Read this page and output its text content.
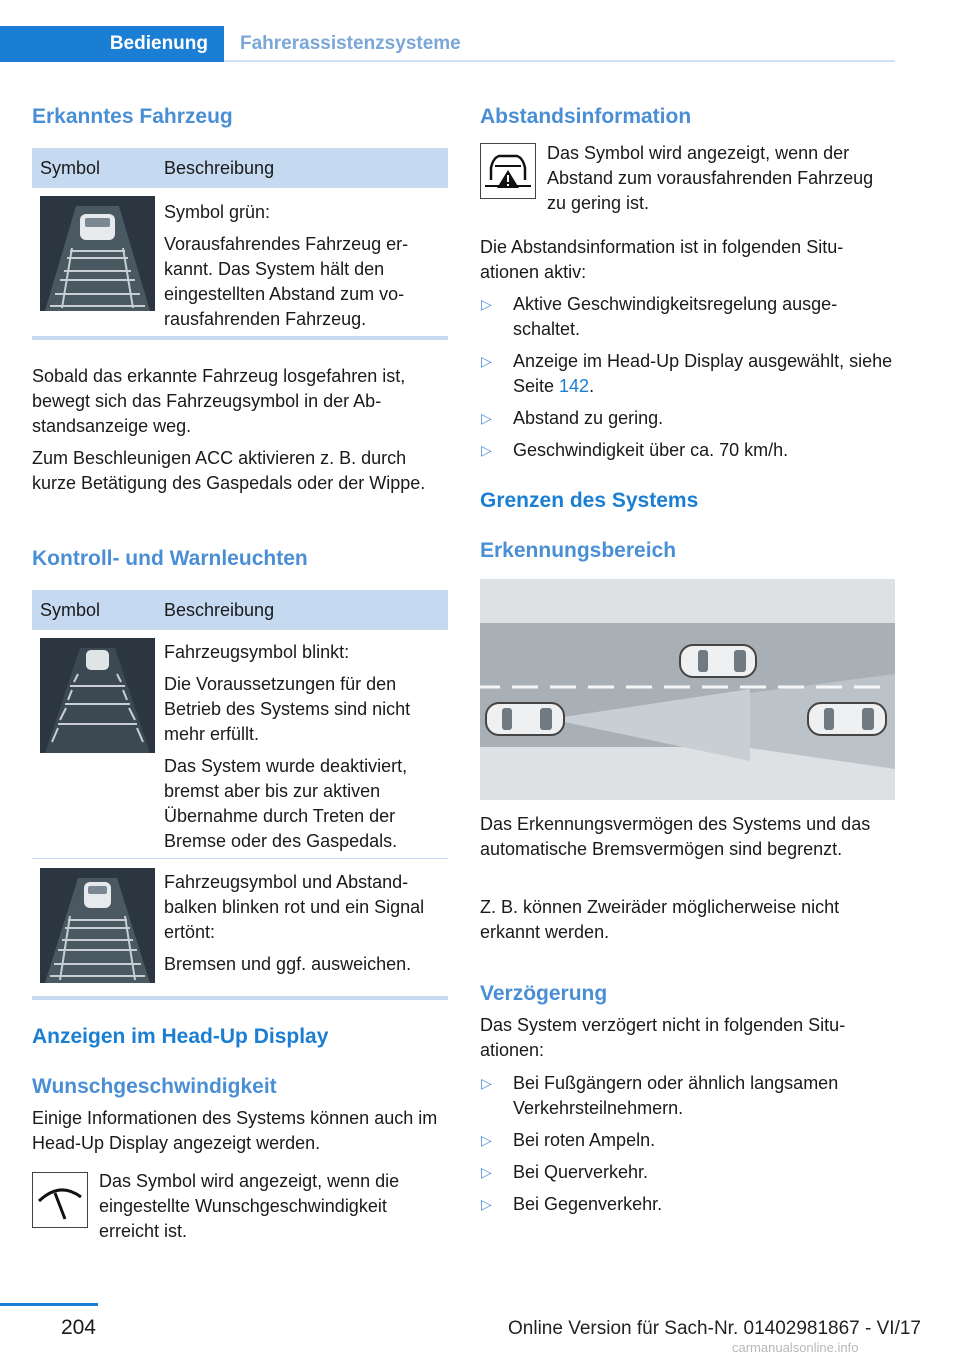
Bedienung	Fahrerassistenzsysteme
Erkanntes Fahrzeug
Symbol	Beschreibung

Symbol grün:

Vorausfahrendes Fahrzeug erkannt. Das System hält den eingestellten Abstand zum vorausfahrenden Fahrzeug.

Sobald das erkannte Fahrzeug losgefahren ist, bewegt sich das Fahrzeugsymbol in der Abstandsanzeige weg.

Zum Beschleunigen ACC aktivieren z. B. durch kurze Betätigung des Gaspedals oder der Wippe.

Kontroll- und Warnleuchten
Symbol	Beschreibung

Fahrzeugsymbol blinkt:

Die Voraussetzungen für den Betrieb des Systems sind nicht mehr erfüllt.

Das System wurde deaktiviert, bremst aber bis zur aktiven Übernahme durch Treten der Bremse oder des Gaspedals.

Fahrzeugsymbol und Abstandbalken blinken rot und ein Signal ertönt:

Bremsen und ggf. ausweichen.

Anzeigen im Head-Up Display
Wunschgeschwindigkeit

Einige Informationen des Systems können auch im Head-Up Display angezeigt werden.

Das Symbol wird angezeigt, wenn die eingestellte Wunschgeschwindigkeit erreicht ist.

Abstandsinformation

Das Symbol wird angezeigt, wenn der Abstand zum vorausfahrenden Fahrzeug zu gering ist.

Die Abstandsinformation ist in folgenden Situationen aktiv:

▷ Aktive Geschwindigkeitsregelung ausgeschaltet.
▷ Anzeige im Head-Up Display ausgewählt, siehe Seite 142.
▷ Abstand zu gering.
▷ Geschwindigkeit über ca. 70 km/h.
Grenzen des Systems
Erkennungsbereich

Das Erkennungsvermögen des Systems und das automatische Bremsvermögen sind begrenzt.

Z. B. können Zweiräder möglicherweise nicht erkannt werden.

Verzögerung

Das System verzögert nicht in folgenden Situationen:

▷ Bei Fußgängern oder ähnlich langsamen Verkehrsteilnehmern.
▷ Bei roten Ampeln.
▷ Bei Querverkehr.
▷ Bei Gegenverkehr.
204	Online Version für Sach-Nr. 01402981867 - VI/17
carmanualsonline.info
